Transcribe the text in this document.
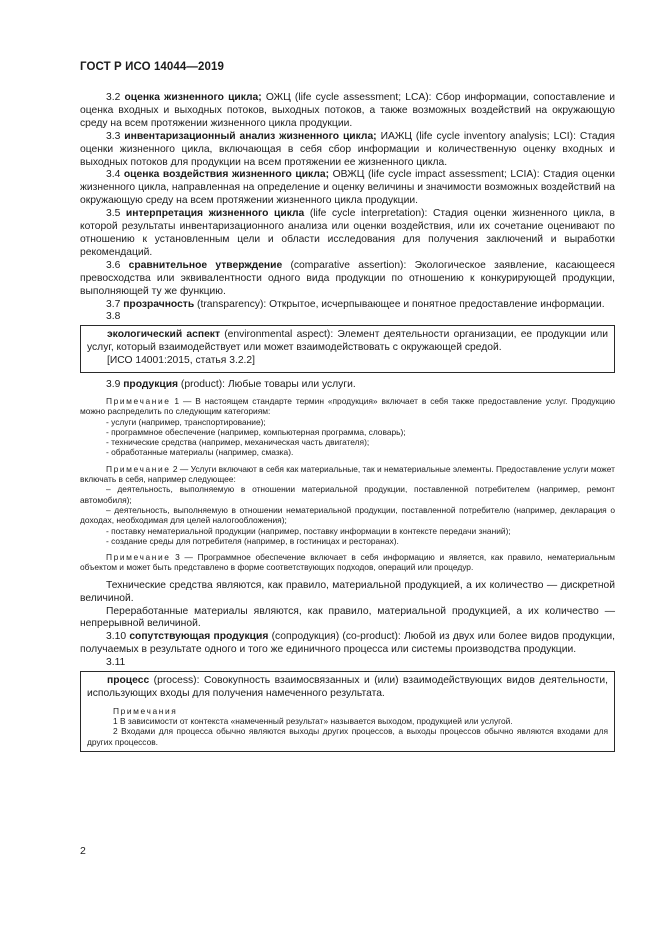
ГОСТ Р ИСО 14044—2019

3.2 оценка жизненного цикла; ОЖЦ (life cycle assessment; LCA): Сбор информации, сопоставление и оценка входных и выходных потоков, выходных потоков, а также возможных воздействий на окружающую среду на всем протяжении жизненного цикла продукции.

3.3 инвентаризационный анализ жизненного цикла; ИАЖЦ (life cycle inventory analysis; LCI): Стадия оценки жизненного цикла, включающая в себя сбор информации и количественную оценку входных и выходных потоков для продукции на всем протяжении ее жизненного цикла.

3.4 оценка воздействия жизненного цикла; ОВЖЦ (life cycle impact assessment; LCIA): Стадия оценки жизненного цикла, направленная на определение и оценку величины и значимости возможных воздействий на окружающую среду на всем протяжении жизненного цикла продукции.

3.5 интерпретация жизненного цикла (life cycle interpretation): Стадия оценки жизненного цикла, в которой результаты инвентаризационного анализа или оценки воздействия, или их сочетание оценивают по отношению к установленным цели и области исследования для получения заключений и выработки рекомендаций.

3.6 сравнительное утверждение (comparative assertion): Экологическое заявление, касающееся превосходства или эквивалентности одного вида продукции по отношению к конкурирующей продукции, выполняющей ту же функцию.

3.7 прозрачность (transparency): Открытое, исчерпывающее и понятное предоставление информации.

3.8

экологический аспект (environmental aspect): Элемент деятельности организации, ее продукции или услуг, который взаимодействует или может взаимодействовать с окружающей средой.

[ИСО 14001:2015, статья 3.2.2]

3.9 продукция (product): Любые товары или услуги.

Примечание 1 — В настоящем стандарте термин «продукция» включает в себя также предоставление услуг. Продукцию можно распределить по следующим категориям:

- услуги (например, транспортирование);

- программное обеспечение (например, компьютерная программа, словарь);

- технические средства (например, механическая часть двигателя);

- обработанные материалы (например, смазка).

Примечание 2 — Услуги включают в себя как материальные, так и нематериальные элементы. Предоставление услуги может включать в себя, например следующее:

– деятельность, выполняемую в отношении материальной продукции, поставленной потребителем (например, ремонт автомобиля);

– деятельность, выполняемую в отношении нематериальной продукции, поставленной потребителю (например, декларация о доходах, необходимая для целей налогообложения);

- поставку нематериальной продукции (например, поставку информации в контексте передачи знаний);

- создание среды для потребителя (например, в гостиницах и ресторанах).

Примечание 3 — Программное обеспечение включает в себя информацию и является, как правило, нематериальным объектом и может быть представлено в форме соответствующих подходов, операций или процедур.

Технические средства являются, как правило, материальной продукцией, а их количество — дискретной величиной.

Переработанные материалы являются, как правило, материальной продукцией, а их количество — непрерывной величиной.

3.10 сопутствующая продукция (сопродукция) (co-product): Любой из двух или более видов продукции, получаемых в результате одного и того же единичного процесса или системы производства продукции.

3.11

процесс (process): Совокупность взаимосвязанных и (или) взаимодействующих видов деятельности, использующих входы для получения намеченного результата.

Примечания

1 В зависимости от контекста «намеченный результат» называется выходом, продукцией или услугой.

2 Входами для процесса обычно являются выходы других процессов, а выходы процессов обычно являются входами для других процессов.

2
